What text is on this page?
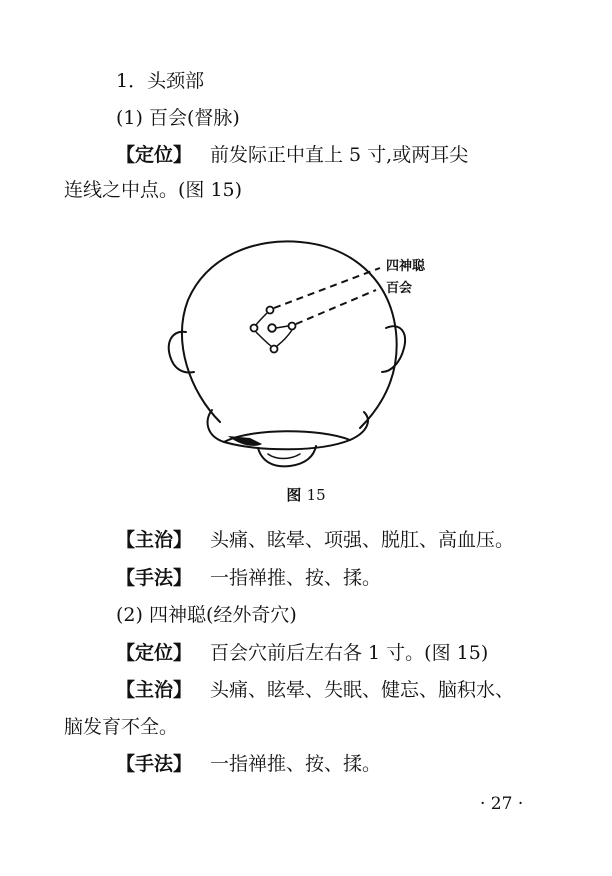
1．头颈部
(1) 百会(督脉)
【定位】 前发际正中直上 5 寸,或两耳尖
连线之中点。(图 15)
四神聪
百会
图 15
【主治】 头痛、眩晕、项强、脱肛、高血压。
【手法】 一指禅推、按、揉。
(2) 四神聪(经外奇穴)
【定位】 百会穴前后左右各 1 寸。(图 15)
【主治】 头痛、眩晕、失眠、健忘、脑积水、
脑发育不全。
【手法】 一指禅推、按、揉。
· 27 ·
